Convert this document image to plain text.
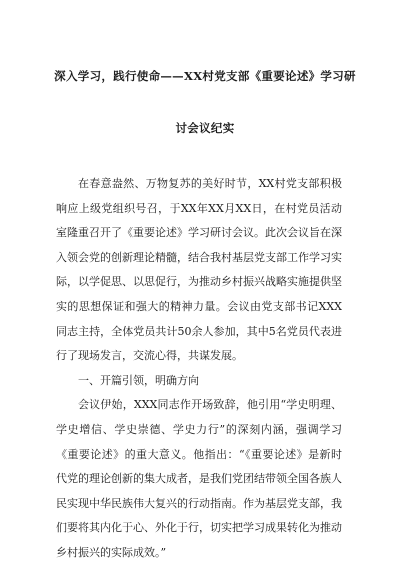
深入学习，践行使命——XX村党支部《重要论述》学习研
讨会议纪实

在春意盎然、万物复苏的美好时节，XX村党支部积极响应上级党组织号召，于XX年XX月XX日，在村党员活动室隆重召开了《重要论述》学习研讨会议。此次会议旨在深入领会党的创新理论精髓，结合我村基层党支部工作学习实际，以学促思、以思促行，为推动乡村振兴战略实施提供坚实的思想保证和强大的精神力量。会议由党支部书记XXX同志主持，全体党员共计50余人参加，其中5名党员代表进行了现场发言，交流心得，共谋发展。

一、开篇引领，明确方向

会议伊始，XXX同志作开场致辞，他引用“学史明理、学史增信、学史崇德、学史力行”的深刻内涵，强调学习《重要论述》的重大意义。他指出：“《重要论述》是新时代党的理论创新的集大成者，是我们党团结带领全国各族人民实现中华民族伟大复兴的行动指南。作为基层党支部，我们要将其内化于心、外化于行，切实把学习成果转化为推动乡村振兴的实际成效。”
